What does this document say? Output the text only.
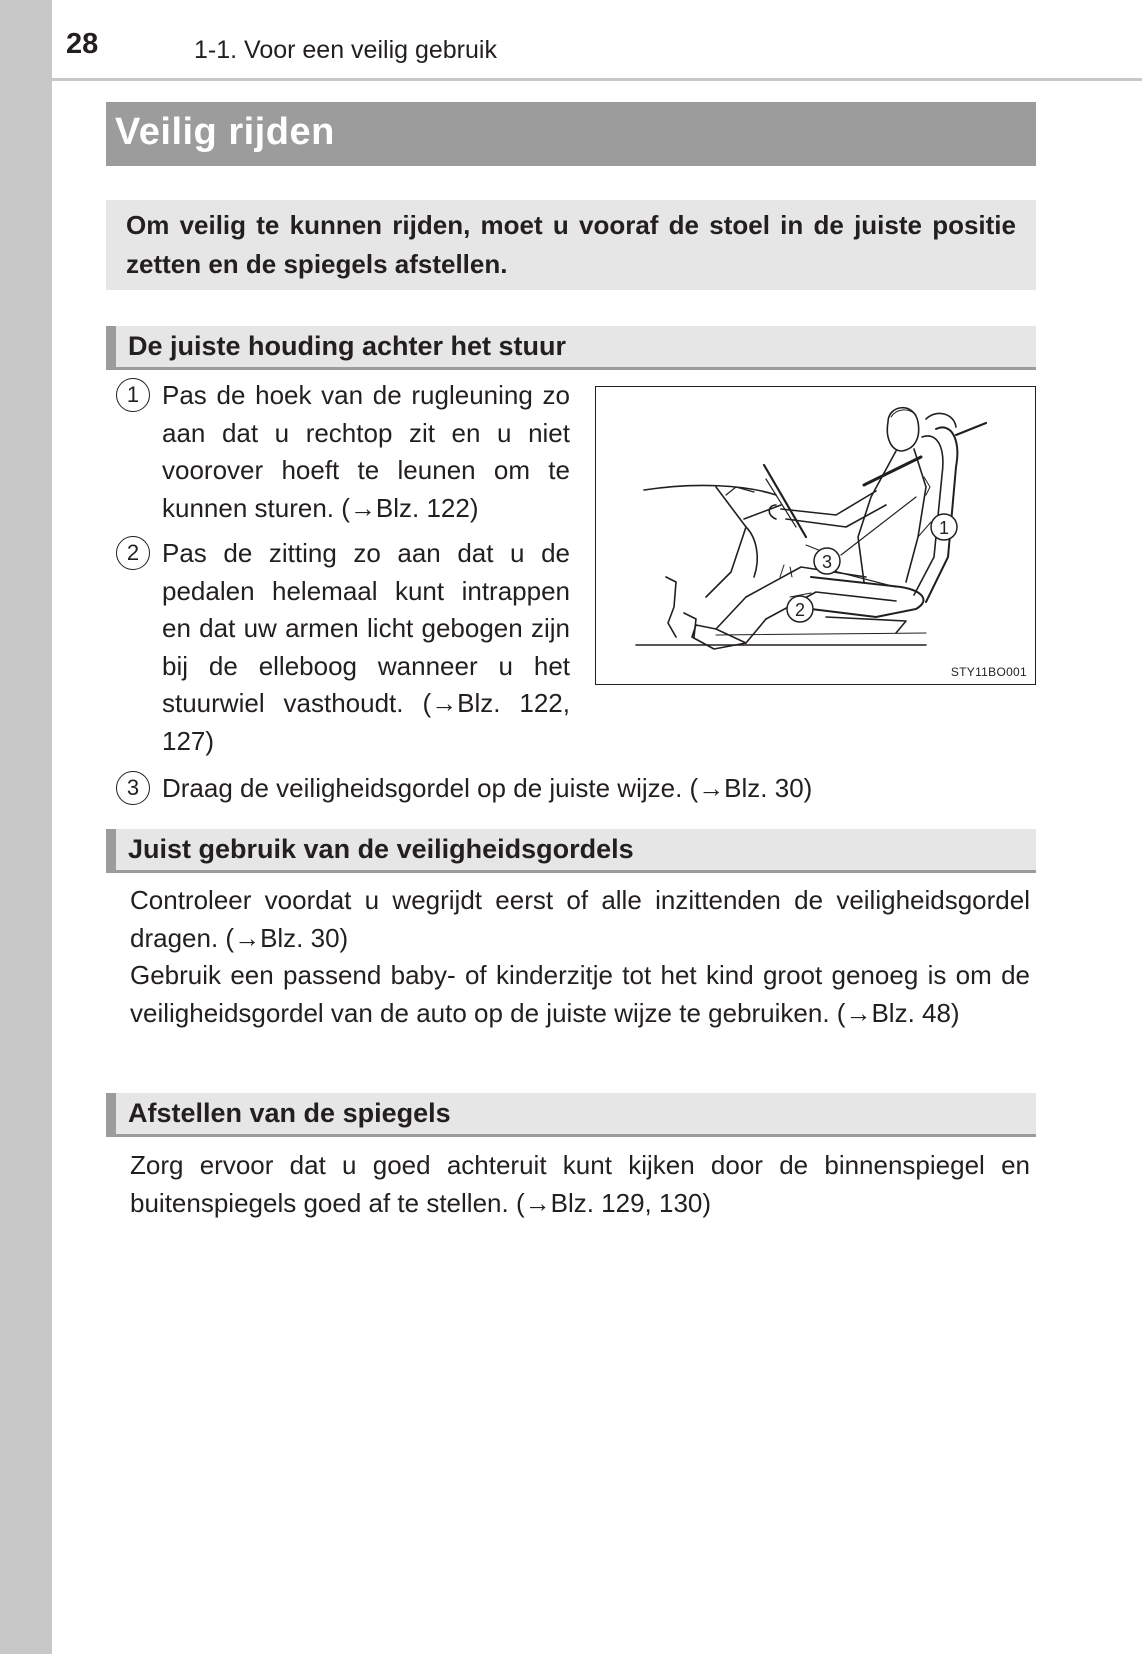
28	1-1. Voor een veilig gebruik
Veilig rijden

Om veilig te kunnen rijden, moet u vooraf de stoel in de juiste positie zetten en de spiegels afstellen.

De juiste houding achter het stuur
1 Pas de hoek van de rugleuning zo aan dat u rechtop zit en u niet voorover hoeft te leunen om te kunnen sturen. (→Blz. 122)
2 Pas de zitting zo aan dat u de pedalen helemaal kunt intrappen en dat uw armen licht gebogen zijn bij de elleboog wanneer u het stuurwiel vasthoudt. (→Blz. 122, 127)
3 Draag de veiligheidsgordel op de juiste wijze. (→Blz. 30)
1
2
3
STY11BO001
Juist gebruik van de veiligheidsgordels
Controleer voordat u wegrijdt eerst of alle inzittenden de veiligheidsgordel dragen. (→Blz. 30)
Gebruik een passend baby- of kinderzitje tot het kind groot genoeg is om de veiligheidsgordel van de auto op de juiste wijze te gebruiken. (→Blz. 48)
Afstellen van de spiegels
Zorg ervoor dat u goed achteruit kunt kijken door de binnenspiegel en buitenspiegels goed af te stellen. (→Blz. 129, 130)
